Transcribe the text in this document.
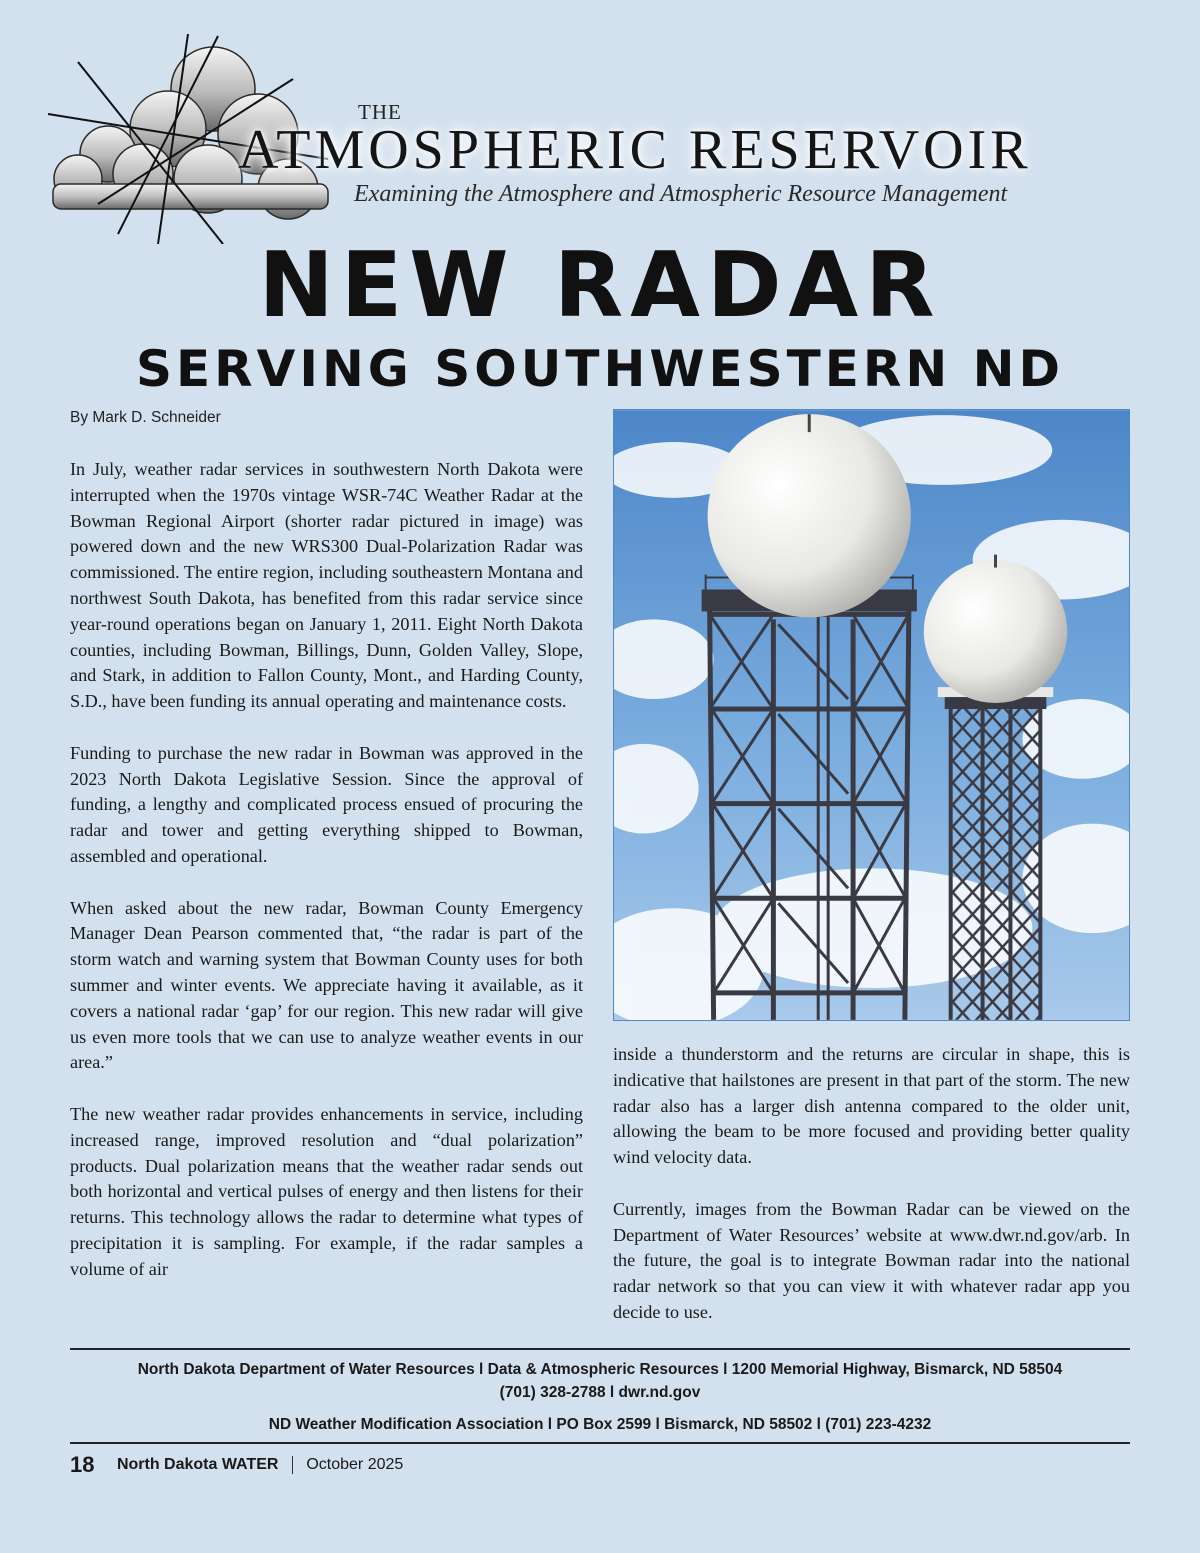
THE
ATMOSPHERIC RESERVOIR
Examining the Atmosphere and Atmospheric Resource Management
NEW RADAR
SERVING SOUTHWESTERN ND
By Mark D. Schneider

In July, weather radar services in southwestern North Dakota were interrupted when the 1970s vintage WSR-74C Weather Radar at the Bowman Regional Airport (shorter radar pictured in image) was powered down and the new WRS300 Dual-Polarization Radar was commissioned. The entire region, including southeastern Montana and northwest South Dakota, has benefited from this radar service since year-round operations began on January 1, 2011. Eight North Dakota counties, including Bowman, Billings, Dunn, Golden Valley, Slope, and Stark, in addition to Fallon County, Mont., and Harding County, S.D., have been funding its annual operating and maintenance costs.

Funding to purchase the new radar in Bowman was approved in the 2023 North Dakota Legislative Session. Since the approval of funding, a lengthy and complicated process ensued of procuring the radar and tower and getting everything shipped to Bowman, assembled and operational.

When asked about the new radar, Bowman County Emergency Manager Dean Pearson commented that, “the radar is part of the storm watch and warning system that Bowman County uses for both summer and winter events. We appreciate having it available, as it covers a national radar ‘gap’ for our region. This new radar will give us even more tools that we can use to analyze weather events in our area.”

The new weather radar provides enhancements in service, including increased range, improved resolution and “dual polarization” products. Dual polarization means that the weather radar sends out both horizontal and vertical pulses of energy and then listens for their returns. This technology allows the radar to determine what types of precipitation it is sampling. For example, if the radar samples a volume of air

inside a thunderstorm and the returns are circular in shape, this is indicative that hailstones are present in that part of the storm. The new radar also has a larger dish antenna compared to the older unit, allowing the beam to be more focused and providing better quality wind velocity data.

Currently, images from the Bowman Radar can be viewed on the Department of Water Resources’ website at www.dwr.nd.gov/arb. In the future, the goal is to integrate Bowman radar into the national radar network so that you can view it with whatever radar app you decide to use.

North Dakota Department of Water Resources l Data & Atmospheric Resources l 1200 Memorial Highway, Bismarck, ND 58504
(701) 328-2788 l dwr.nd.gov
ND Weather Modification Association l PO Box 2599 l Bismarck, ND 58502 l (701) 223-4232
18 North Dakota WATER October 2025
